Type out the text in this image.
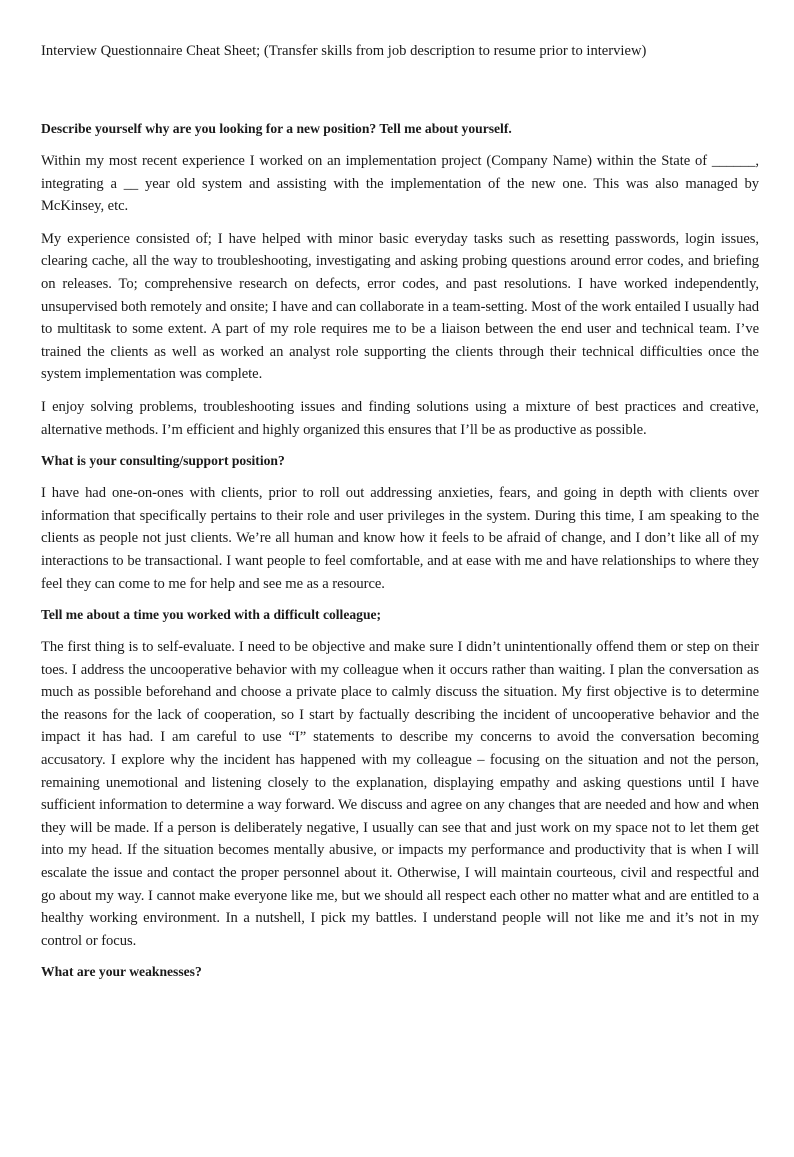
Interview Questionnaire Cheat Sheet; (Transfer skills from job description to resume prior to interview)
Describe yourself why are you looking for a new position? Tell me about yourself.
Within my most recent experience I worked on an implementation project (Company Name) within the State of ______, integrating a __ year old system and assisting with the implementation of the new one. This was also managed by McKinsey, etc.
My experience consisted of; I have helped with minor basic everyday tasks such as resetting passwords, login issues, clearing cache, all the way to troubleshooting, investigating and asking probing questions around error codes, and briefing on releases. To; comprehensive research on defects, error codes, and past resolutions. I have worked independently, unsupervised both remotely and onsite; I have and can collaborate in a team-setting. Most of the work entailed I usually had to multitask to some extent. A part of my role requires me to be a liaison between the end user and technical team. I’ve trained the clients as well as worked an analyst role supporting the clients through their technical difficulties once the system implementation was complete.
I enjoy solving problems, troubleshooting issues and finding solutions using a mixture of best practices and creative, alternative methods. I’m efficient and highly organized this ensures that I’ll be as productive as possible.
What is your consulting/support position?
I have had one-on-ones with clients, prior to roll out addressing anxieties, fears, and going in depth with clients over information that specifically pertains to their role and user privileges in the system. During this time, I am speaking to the clients as people not just clients. We’re all human and know how it feels to be afraid of change, and I don’t like all of my interactions to be transactional. I want people to feel comfortable, and at ease with me and have relationships to where they feel they can come to me for help and see me as a resource.
Tell me about a time you worked with a difficult colleague;
The first thing is to self-evaluate. I need to be objective and make sure I didn’t unintentionally offend them or step on their toes. I address the uncooperative behavior with my colleague when it occurs rather than waiting. I plan the conversation as much as possible beforehand and choose a private place to calmly discuss the situation. My first objective is to determine the reasons for the lack of cooperation, so I start by factually describing the incident of uncooperative behavior and the impact it has had. I am careful to use “I” statements to describe my concerns to avoid the conversation becoming accusatory. I explore why the incident has happened with my colleague – focusing on the situation and not the person, remaining unemotional and listening closely to the explanation, displaying empathy and asking questions until I have sufficient information to determine a way forward. We discuss and agree on any changes that are needed and how and when they will be made. If a person is deliberately negative, I usually can see that and just work on my space not to let them get into my head. If the situation becomes mentally abusive, or impacts my performance and productivity that is when I will escalate the issue and contact the proper personnel about it. Otherwise, I will maintain courteous, civil and respectful and go about my way. I cannot make everyone like me, but we should all respect each other no matter what and are entitled to a healthy working environment. In a nutshell, I pick my battles. I understand people will not like me and it’s not in my control or focus.
What are your weaknesses?
